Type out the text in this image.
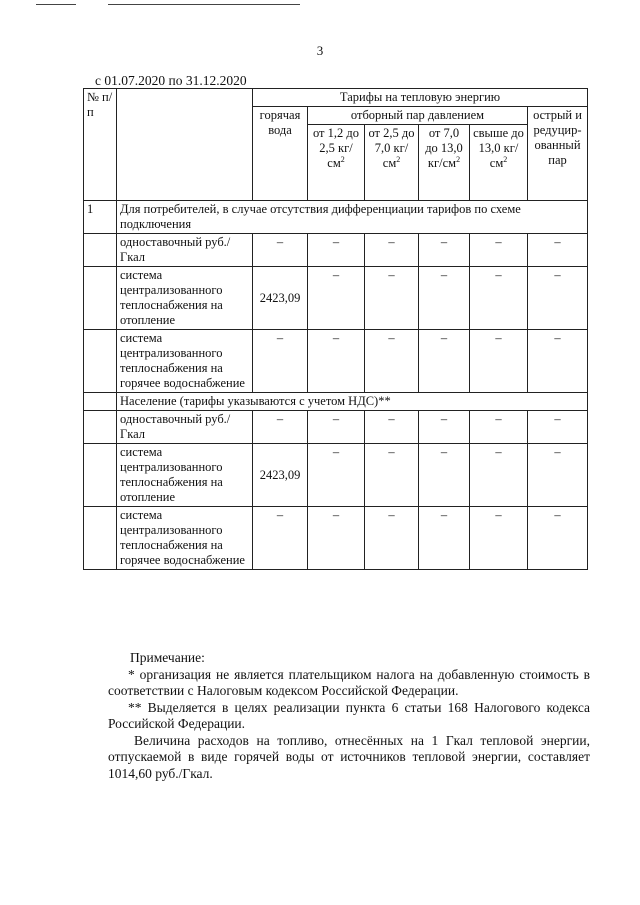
3
с 01.07.2020 по 31.12.2020
№ п/п		Тарифы на тепловую энергию					
		горячая вода	отборный пар давлением				острый и редуцир-ованный пар
			от 1,2 до 2,5 $кг/см^2$	от 2,5 до 7,0 $кг/см^2$	от 7,0 до 13,0 $кг/см^2$	свыше до 13,0 $кг/см^2$
1	Для потребителей, в случае отсутствия дифференциации тарифов по схеме подключения						
	одноставочный руб./Гкал	–	–	–	–	–	–
	система централизованного теплоснабжения на отопление	2423,09	–	–	–	–	–
	система централизованного теплоснабжения на горячее водоснабжение	–	–	–	–	–	–
	Население (тарифы указываются с учетом НДС)**						
	одноставочный руб./Гкал	–	–	–	–	–	–
	система централизованного теплоснабжения на отопление	2423,09	–	–	–	–	–
	система централизованного теплоснабжения на горячее водоснабжение	–	–	–	–	–	–

Примечание:

* организация не является плательщиком налога на добавленную стоимость в соответствии с Налоговым кодексом Российской Федерации.

** Выделяется в целях реализации пункта 6 статьи 168 Налогового кодекса Российской Федерации.

Величина расходов на топливо, отнесённых на 1 Гкал тепловой энергии, отпускаемой в виде горячей воды от источников тепловой энергии, составляет 1014,60 руб./Гкал.
